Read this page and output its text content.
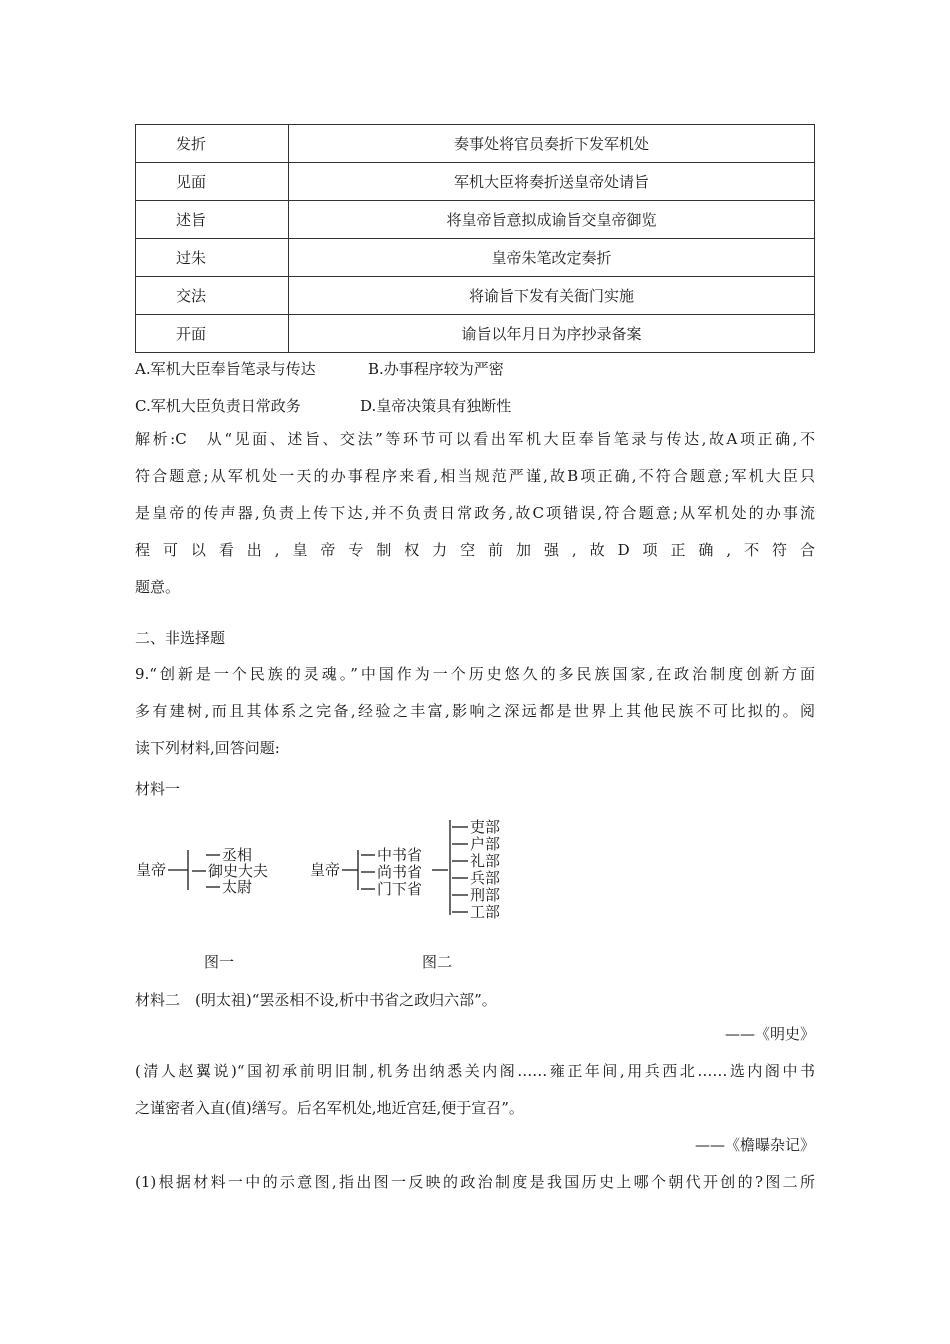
发折	奏事处将官员奏折下发军机处
见面	军机大臣将奏折送皇帝处请旨
述旨	将皇帝旨意拟成谕旨交皇帝御览
过朱	皇帝朱笔改定奏折
交法	将谕旨下发有关衙门实施
开面	谕旨以年月日为序抄录备案
A.军机大臣奉旨笔录与传达	B.办事程序较为严密
C.军机大臣负责日常政务	D.皇帝决策具有独断性
解析:C　从“见面、述旨、交法”等环节可以看出军机大臣奉旨笔录与传达,故A项正确,不
符合题意;从军机处一天的办事程序来看,相当规范严谨,故B项正确,不符合题意;军机大臣只
是皇帝的传声器,负责上传下达,并不负责日常政务,故C项错误,符合题意;从军机处的办事流
程可以看出,皇帝专制权力空前加强,故D项正确,不符合
题意。
二、非选择题
9.“创新是一个民族的灵魂。”中国作为一个历史悠久的多民族国家,在政治制度创新方面
多有建树,而且其体系之完备,经验之丰富,影响之深远都是世界上其他民族不可比拟的。阅
读下列材料,回答问题:
材料一
皇帝
丞相
御史大夫
太尉
皇帝
中书省
尚书省
门下省
吏部
户部
礼部
兵部
刑部
工部
图一	图二
材料二　(明太祖)“罢丞相不设,析中书省之政归六部”。
——《明史》
(清人赵翼说)“国初承前明旧制,机务出纳悉关内阁……雍正年间,用兵西北……选内阁中书
之谨密者入直(值)缮写。后名军机处,地近宫廷,便于宣召”。
——《檐曝杂记》
(1)根据材料一中的示意图,指出图一反映的政治制度是我国历史上哪个朝代开创的?图二所
